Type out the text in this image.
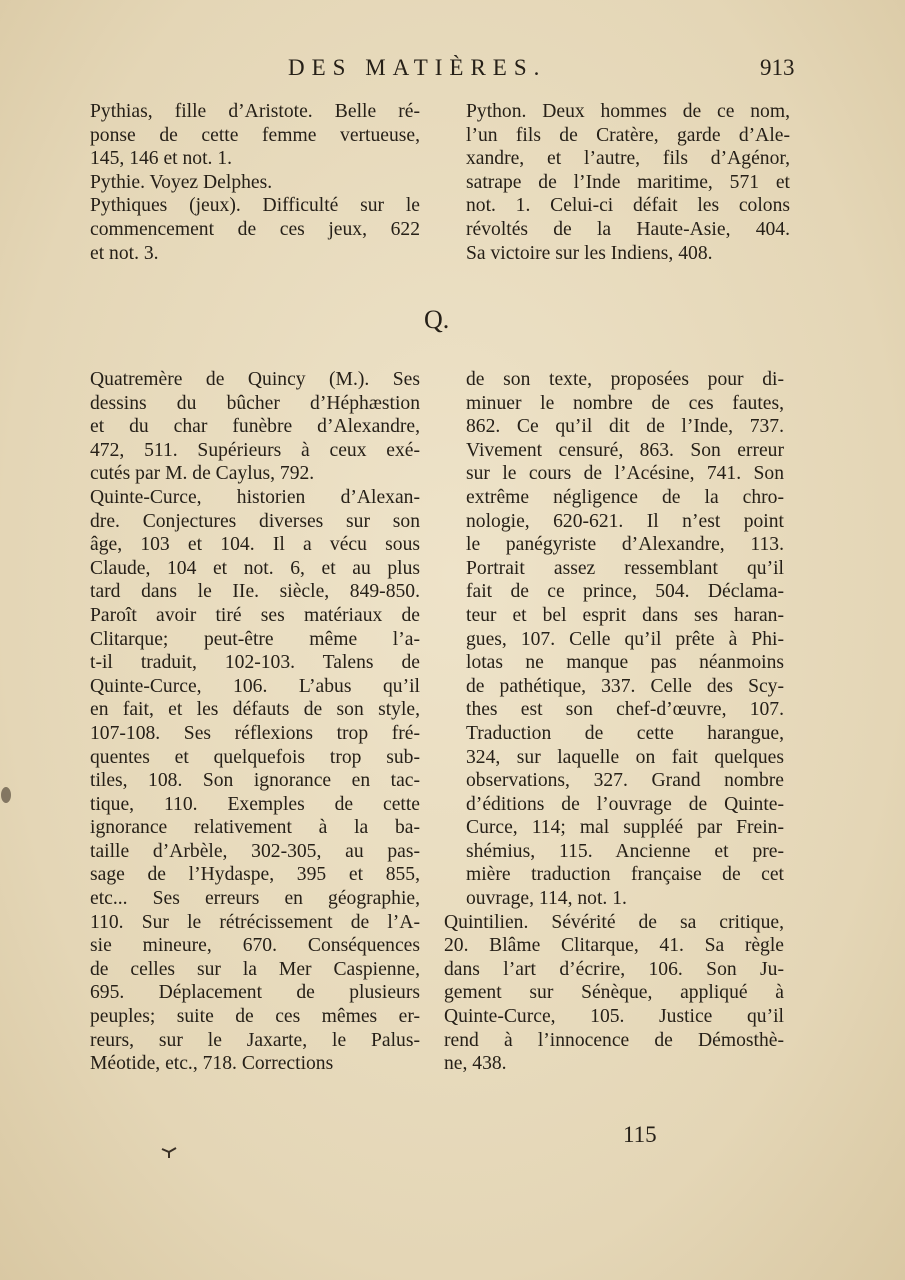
DES MATIÈRES.	913

Pythias, fille d’Aristote. Belle ré-
ponse de cette femme vertueuse,
145, 146 et not. 1.

Pythie. Voyez Delphes.

Pythiques (jeux). Difficulté sur le
commencement de ces jeux, 622
et not. 3.

Python. Deux hommes de ce nom,
l’un fils de Cratère, garde d’Ale-
xandre, et l’autre, fils d’Agénor,
satrape de l’Inde maritime, 571 et
not. 1. Celui-ci défait les colons
révoltés de la Haute-Asie, 404.
Sa victoire sur les Indiens, 408.

Q.

Quatremère de Quincy (M.). Ses
dessins du bûcher d’Héphæstion
et du char funèbre d’Alexandre,
472, 511. Supérieurs à ceux exé-
cutés par M. de Caylus, 792.

Quinte-Curce, historien d’Alexan-
dre. Conjectures diverses sur son
âge, 103 et 104. Il a vécu sous
Claude, 104 et not. 6, et au plus
tard dans le IIe. siècle, 849-850.
Paroît avoir tiré ses matériaux de
Clitarque; peut-être même l’a-
t-il traduit, 102-103. Talens de
Quinte-Curce, 106. L’abus qu’il
en fait, et les défauts de son style,
107-108. Ses réflexions trop fré-
quentes et quelquefois trop sub-
tiles, 108. Son ignorance en tac-
tique, 110. Exemples de cette
ignorance relativement à la ba-
taille d’Arbèle, 302-305, au pas-
sage de l’Hydaspe, 395 et 855,
etc... Ses erreurs en géographie,
110. Sur le rétrécissement de l’A-
sie mineure, 670. Conséquences
de celles sur la Mer Caspienne,
695. Déplacement de plusieurs
peuples; suite de ces mêmes er-
reurs, sur le Jaxarte, le Palus-
Méotide, etc., 718. Corrections

de son texte, proposées pour di-
minuer le nombre de ces fautes,
862. Ce qu’il dit de l’Inde, 737.
Vivement censuré, 863. Son erreur
sur le cours de l’Acésine, 741. Son
extrême négligence de la chro-
nologie, 620-621. Il n’est point
le panégyriste d’Alexandre, 113.
Portrait assez ressemblant qu’il
fait de ce prince, 504. Déclama-
teur et bel esprit dans ses haran-
gues, 107. Celle qu’il prête à Phi-
lotas ne manque pas néanmoins
de pathétique, 337. Celle des Scy-
thes est son chef-d’œuvre, 107.
Traduction de cette harangue,
324, sur laquelle on fait quelques
observations, 327. Grand nombre
d’éditions de l’ouvrage de Quinte-
Curce, 114; mal suppléé par Frein-
shémius, 115. Ancienne et pre-
mière traduction française de cet
ouvrage, 114, not. 1.

Quintilien. Sévérité de sa critique,
20. Blâme Clitarque, 41. Sa règle
dans l’art d’écrire, 106. Son Ju-
gement sur Sénèque, appliqué à
Quinte-Curce, 105. Justice qu’il
rend à l’innocence de Démosthè-
ne, 438.

115
